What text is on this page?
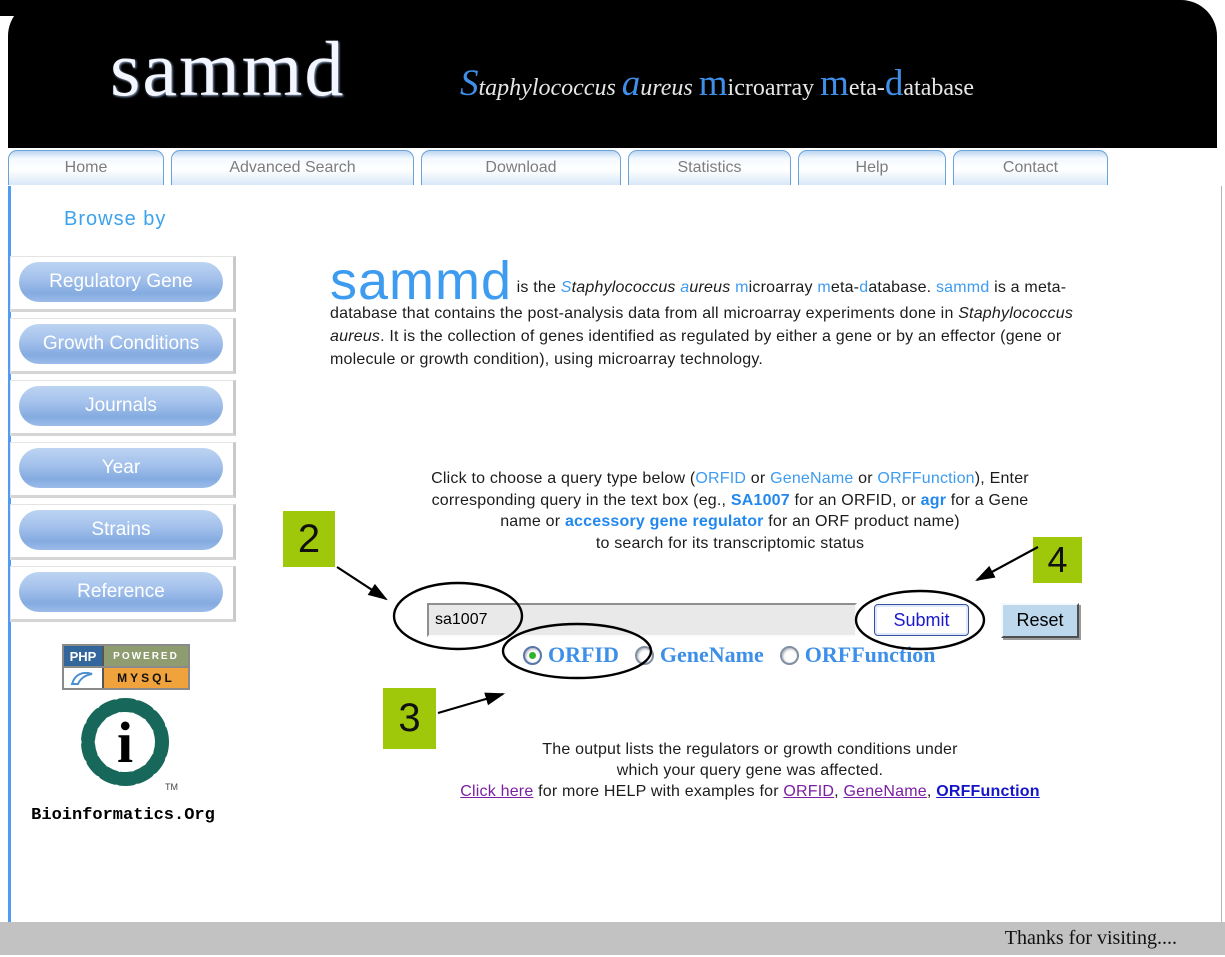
sammd	Staphylococcus aureus microarray meta-database
Home	Advanced Search	Download	Statistics	Help	Contact
Browse by
Regulatory Gene
Growth Conditions
Journals
Year
Strains
Reference
PHP	POWERED
MYSQL
i
TM
Bioinformatics.Org
sammd is the Staphylococcus aureus microarray meta-database. sammd is a meta-database that contains the post-analysis data from all microarray experiments done in Staphylococcus aureus. It is the collection of genes identified as regulated by either a gene or by an effector (gene or molecule or growth condition), using microarray technology.
Click to choose a query type below (ORFID or GeneName or ORFFunction), Enter
corresponding query in the text box (eg., SA1007 for an ORFID, or agr for a Gene
name or accessory gene regulator for an ORF product name)
to search for its transcriptomic status
sa1007
Submit	Reset
ORFID GeneName ORFFunction
The output lists the regulators or growth conditions under
which your query gene was affected.
Click here for more HELP with examples for ORFID, GeneName, ORFFunction
Thanks for visiting....
2
3
4
